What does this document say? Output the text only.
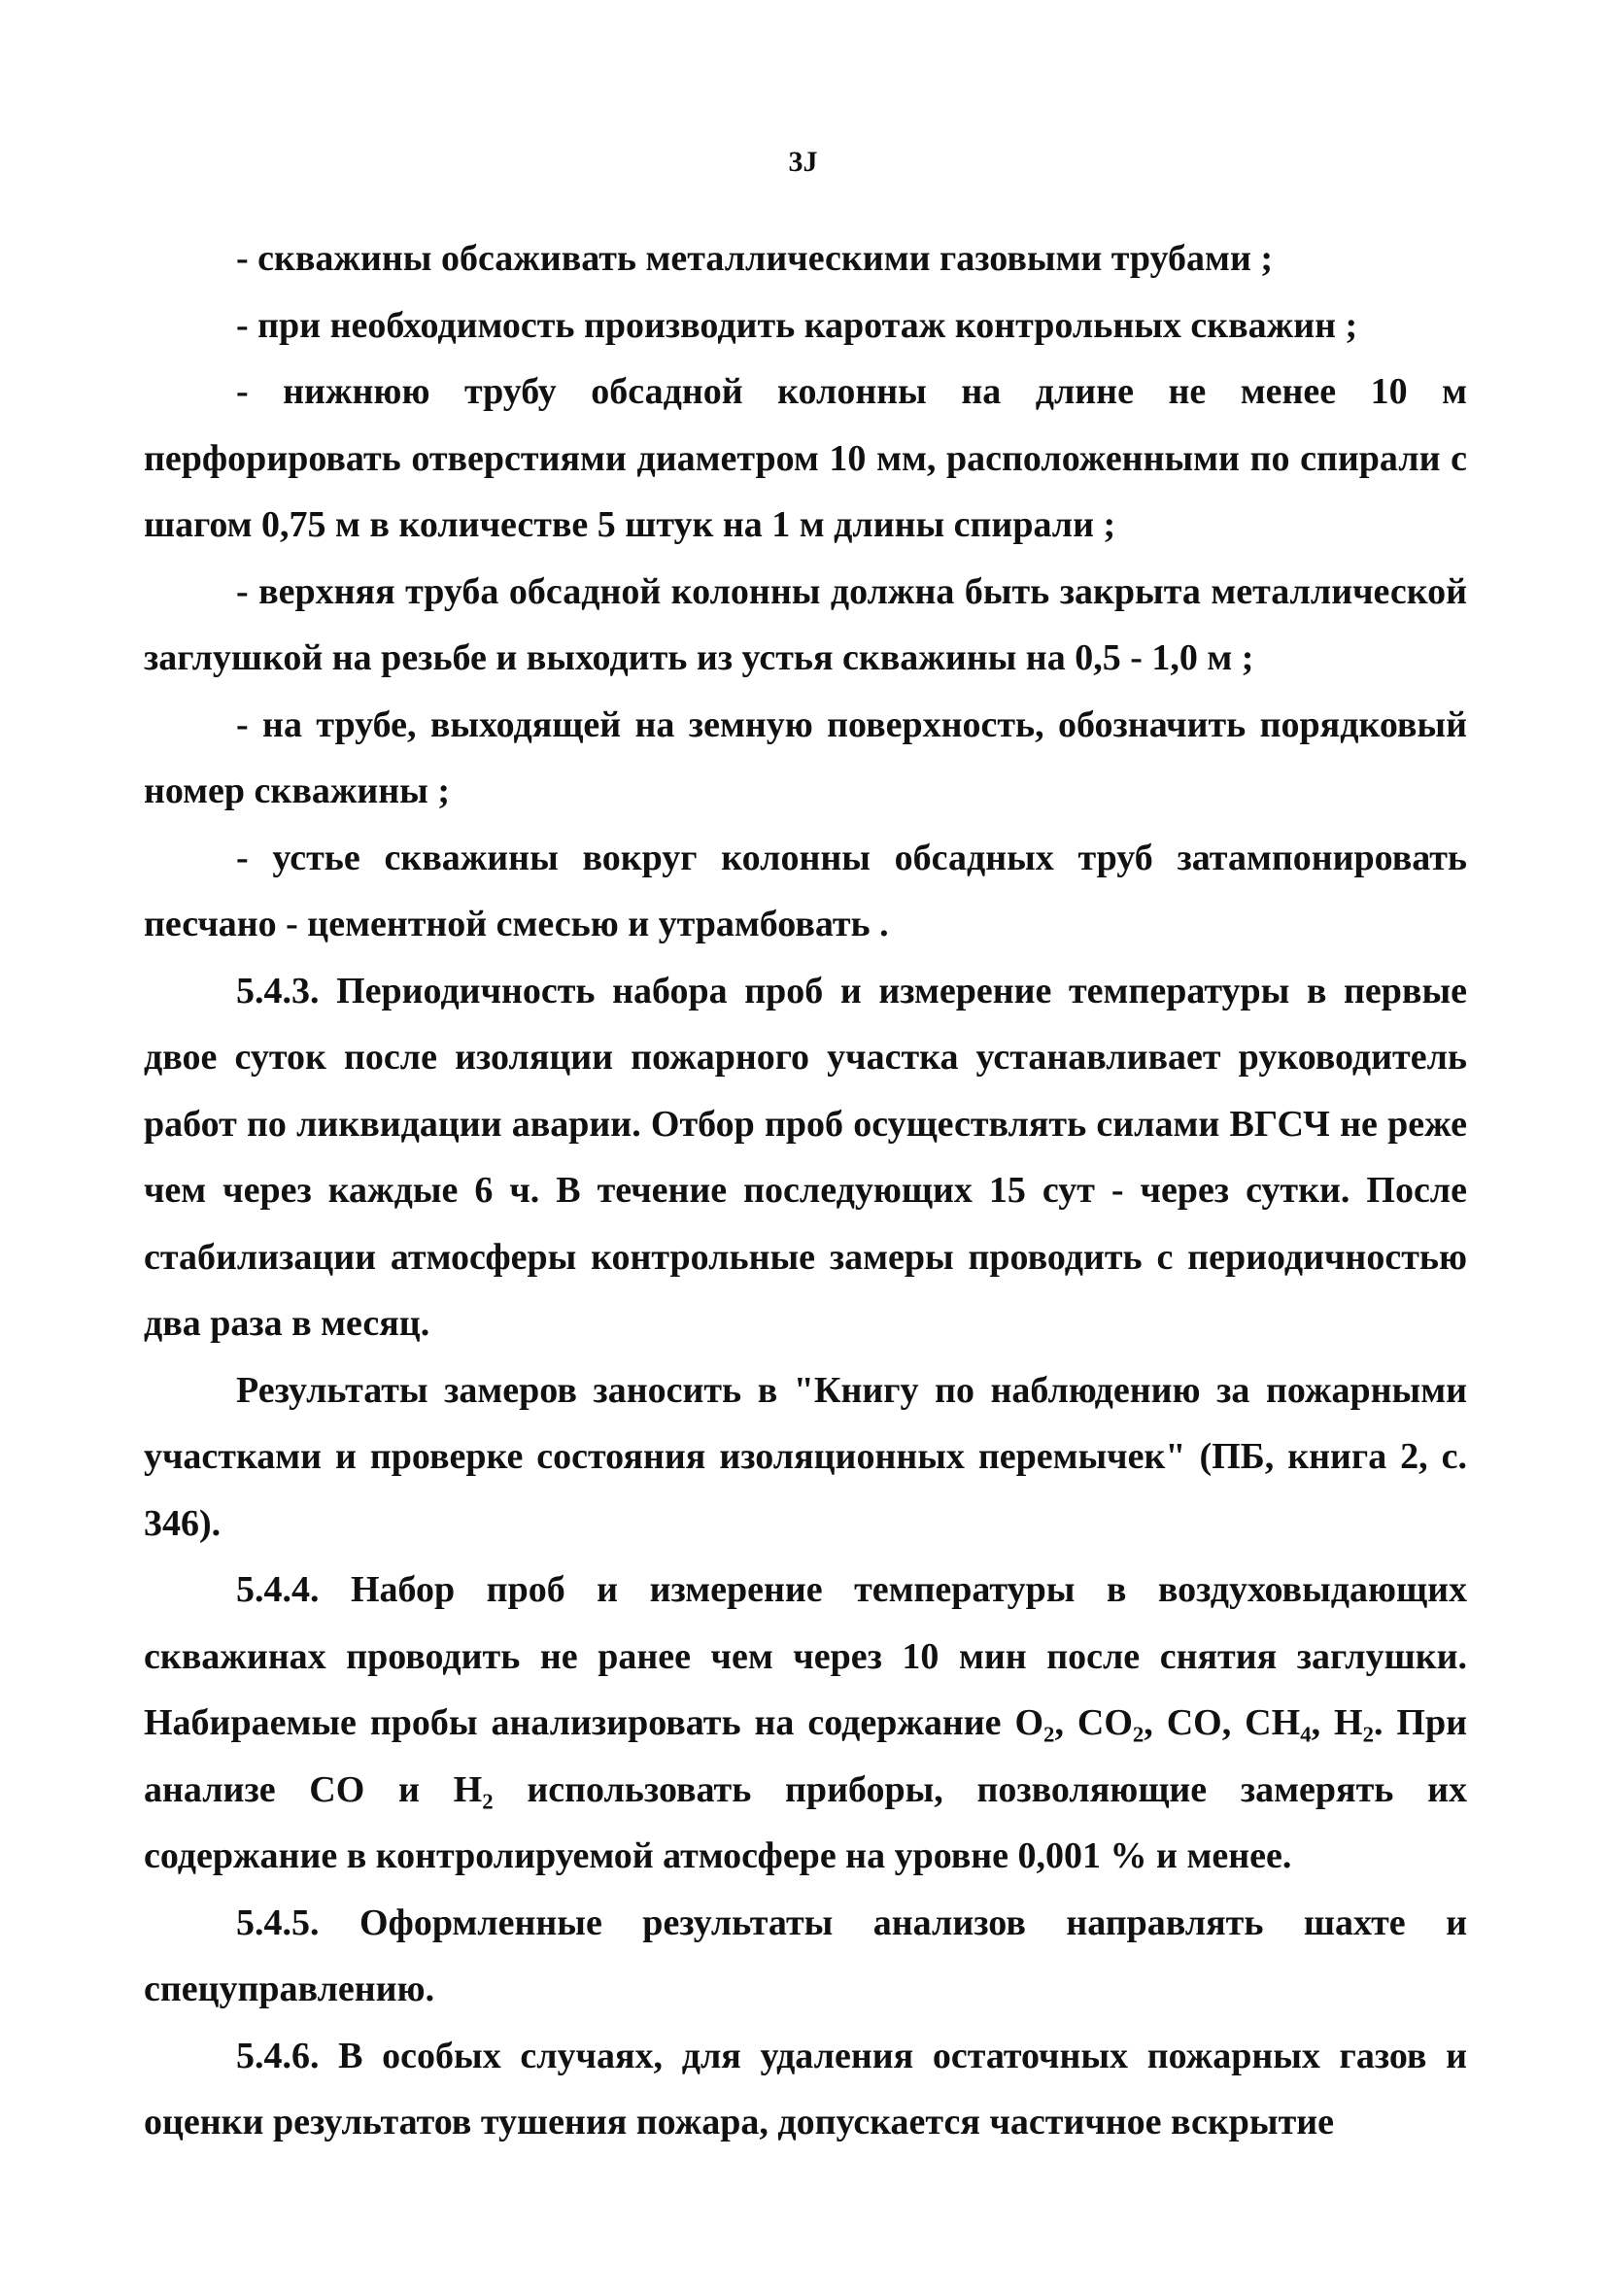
3J

- скважины обсаживать металлическими газовыми трубами ;

- при необходимость производить каротаж контрольных скважин ;

- нижнюю трубу обсадной колонны на длине не менее 10 м перфорировать отверстиями диаметром 10 мм, расположенными по спирали с шагом 0,75 м в количестве 5 штук на 1 м длины спирали ;

- верхняя труба обсадной колонны должна быть закрыта металлической заглушкой на резьбе и выходить из устья скважины на 0,5 - 1,0 м ;

- на трубе, выходящей на земную поверхность, обозначить порядковый номер скважины ;

- устье скважины вокруг колонны обсадных труб затампонировать песчано - цементной смесью и утрамбовать .

5.4.3. Периодичность набора проб и измерение температуры в первые двое суток после изоляции пожарного участка устанавливает руководитель работ по ликвидации аварии. Отбор проб осуществлять силами ВГСЧ не реже чем через каждые 6 ч. В течение последующих 15 сут - через сутки. После стабилизации атмосферы контрольные замеры проводить с периодичностью два раза в месяц.

Результаты замеров заносить в "Книгу по наблюдению за пожарными участками и проверке состояния изоляционных перемычек" (ПБ, книга 2, с. 346).

5.4.4. Набор проб и измерение температуры в воздуховыдающих скважинах проводить не ранее чем через 10 мин после снятия заглушки. Набираемые пробы анализировать на содержание O₂, CO₂, CO, CH₄, H₂. При анализе CO и H₂ использовать приборы, позволяющие замерять их содержание в контролируемой атмосфере на уровне 0,001 % и менее.

5.4.5. Оформленные результаты анализов направлять шахте и спецуправлению.

5.4.6. В особых случаях, для удаления остаточных пожарных газов и оценки результатов тушения пожара, допускается частичное вскрытие
